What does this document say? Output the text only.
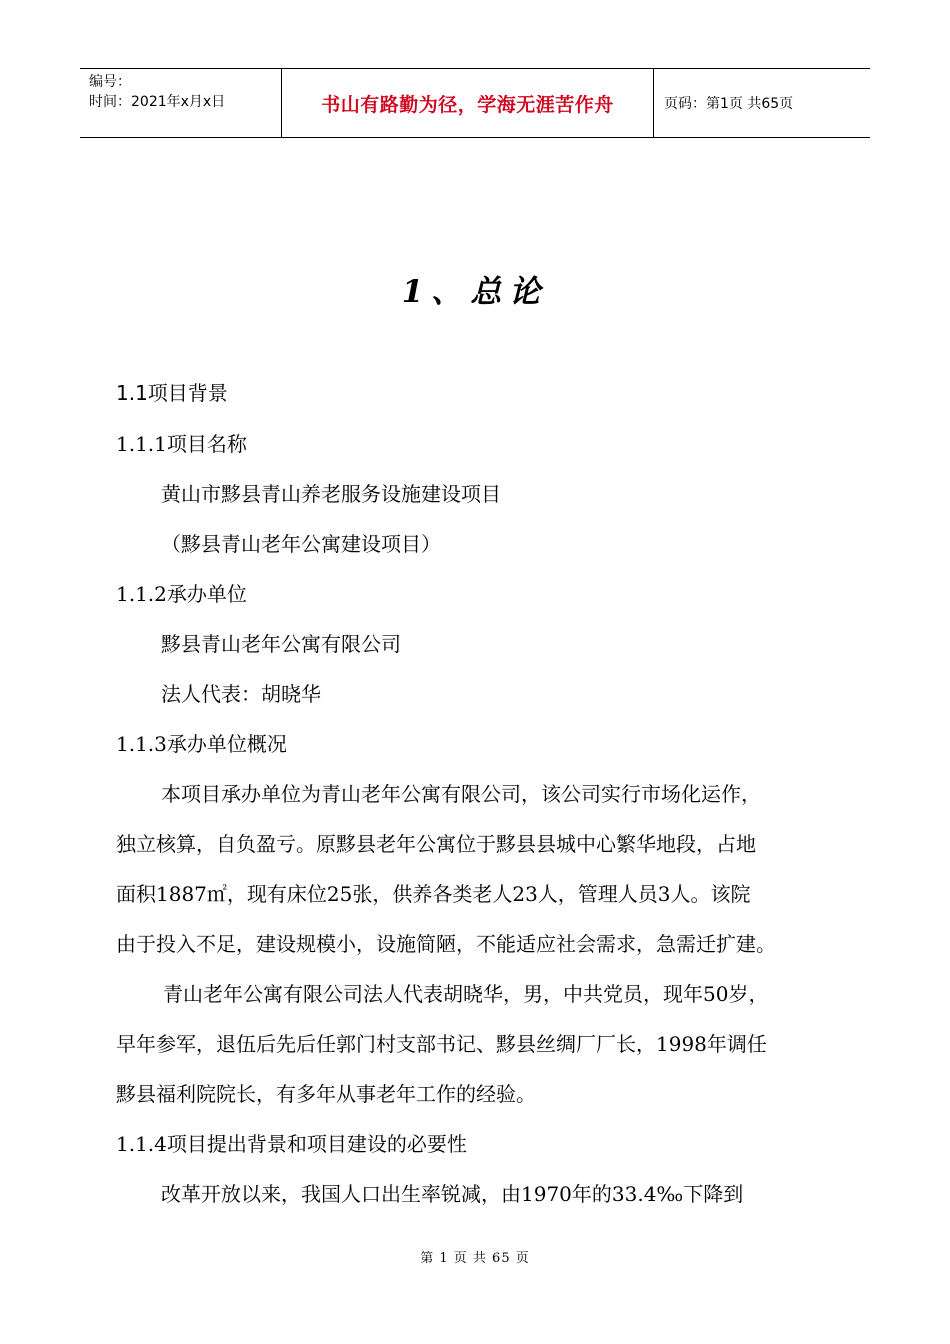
编号：
时间：2021年x月x日	书山有路勤为径，学海无涯苦作舟	页码：第1页 共65页
1、总论
1.1项目背景
1.1.1项目名称
黄山市黟县青山养老服务设施建设项目
（黟县青山老年公寓建设项目）
1.1.2承办单位
黟县青山老年公寓有限公司
法人代表：胡晓华
1.1.3承办单位概况
本项目承办单位为青山老年公寓有限公司，该公司实行市场化运作，
独立核算，自负盈亏。原黟县老年公寓位于黟县县城中心繁华地段，占地
面积1887㎡，现有床位25张，供养各类老人23人，管理人员3人。该院
由于投入不足，建设规模小，设施简陋，不能适应社会需求，急需迁扩建。
青山老年公寓有限公司法人代表胡晓华，男，中共党员，现年50岁，
早年参军，退伍后先后任郭门村支部书记、黟县丝绸厂厂长，1998年调任
黟县福利院院长，有多年从事老年工作的经验。
1.1.4项目提出背景和项目建设的必要性
改革开放以来，我国人口出生率锐减，由1970年的33.4‰下降到
第 1 页 共 65 页
